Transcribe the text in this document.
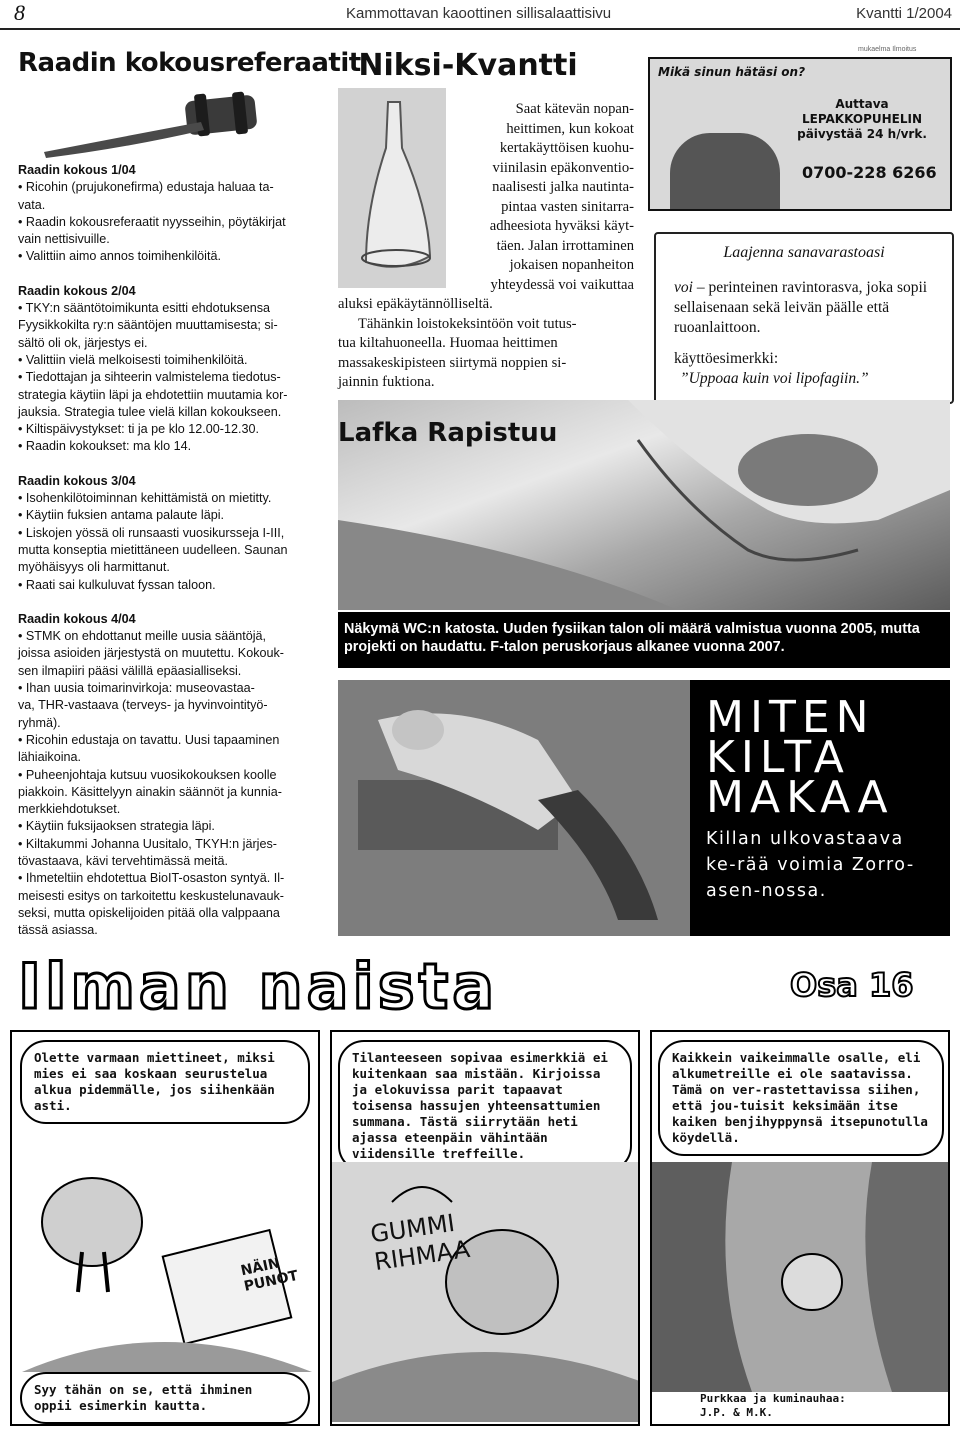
8	Kammottavan kaoottinen sillisalaattisivu	Kvantti 1/2004
Raadin kokousreferaatit

Raadin kokous 1/04

• Ricohin (prujukonefirma) edustaja haluaa ta-

vata.

• Raadin kokousreferaatit nyysseihin, pöytäkirjat

vain nettisivuille.

• Valittiin aimo annos toimihenkilöitä.

Raadin kokous 2/04

• TKY:n sääntötoimikunta esitti ehdotuksensa

Fyysikkokilta ry:n sääntöjen muuttamisesta; si-

sältö oli ok, järjestys ei.

• Valittiin vielä melkoisesti toimihenkilöitä.

• Tiedottajan ja sihteerin valmistelema tiedotus-

strategia käytiin läpi ja ehdotettiin muutamia kor-

jauksia. Strategia tulee vielä killan kokoukseen.

• Kiltispäivystykset: ti ja pe klo 12.00-12.30.

• Raadin kokoukset: ma klo 14.

Raadin kokous 3/04

• Isohenkilötoiminnan kehittämistä on mietitty.

• Käytiin fuksien antama palaute läpi.

• Liskojen yössä oli runsaasti vuosikursseja I-III,

mutta konseptia mietittäneen uudelleen. Saunan

myöhäisyys oli harmittanut.

• Raati sai kulkuluvat fyssan taloon.

Raadin kokous 4/04

• STMK on ehdottanut meille uusia sääntöjä,

joissa asioiden järjestystä on muutettu. Kokouk-

sen ilmapiiri pääsi välillä epäasialliseksi.

• Ihan uusia toimarinvirkoja: museovastaa-

va, THR-vastaava (terveys- ja hyvinvointityö-

ryhmä).

• Ricohin edustaja on tavattu. Uusi tapaaminen

lähiaikoina.

• Puheenjohtaja kutsuu vuosikokouksen koolle

piakkoin. Käsittelyyn ainakin säännöt ja kunnia-

merkkiehdotukset.

• Käytiin fuksijaoksen strategia läpi.

• Kiltakummi Johanna Uusitalo, TKYH:n järjes-

tövastaava, kävi tervehtimässä meitä.

• Ihmeteltiin ehdotettua BioIT-osaston syntyä. Il-

meisesti esitys on tarkoitettu keskustelunavauk-

seksi, mutta opiskelijoiden pitää olla valppaana

tässä asiassa.

Niksi-Kvantti

Saat kätevän nopan-

heittimen, kun kokoat

kertakäyttöisen kuohu-

viinilasin epäkonventio-

naalisesti jalka nautinta-

pintaa vasten sinitarra-

adheesiota hyväksi käyt-

täen. Jalan irrottaminen

jokaisen nopanheiton

yhteydessä voi vaikuttaa

aluksi epäkäytännölliseltä.

Tähänkin loistokeksintöön voit tutus-

tua kiltahuoneella. Huomaa heittimen

massakeskipisteen siirtymä noppien si-

jainnin fuktiona.

Mikä sinun hätäsi on?
Auttava
LEPAKKOPUHELIN
päivystää 24 h/vrk.
0700-228 6266
mukaelma Ilmoitus
Laajenna sanavarastoasi
voi – perinteinen ravintorasva, joka sopii sellaisenaan sekä leivän päälle että ruoanlaittoon.
käyttöesimerkki:
”Uppoaa kuin voi lipofagiin.”
Lafka Rapistuu
Näkymä WC:n katosta. Uuden fysiikan talon oli määrä valmistua vuonna 2005, mutta projekti on haudattu. F-talon peruskorjaus alkanee vuonna 2007.
MITEN
KILTA
MAKAA
Killan ulkovastaava ke-rää voimia Zorro-asen-nossa.
Ilman naista	Osa 16
Olette varmaan miettineet, miksi mies ei saa koskaan seurustelua alkua pidemmälle, jos siihenkään asti.
NÄIN PUNOT
Syy tähän on se, että ihminen oppii esimerkin kautta.
Tilanteeseen sopivaa esimerkkiä ei kuitenkaan saa mistään. Kirjoissa ja elokuvissa parit tapaavat toisensa hassujen yhteensattumien summana. Tästä siirrytään heti ajassa eteenpäin vähintään viidensille treffeille.
GUMMI RIHMAA
Kaikkein vaikeimmalle osalle, eli alkumetreille ei ole saatavissa. Tämä on ver-rastettavissa siihen, että jou-tuisit keksimään itse kaiken benjihyppynsä itsepunotulla köydellä.
Purkkaa ja kuminauhaa:
J.P. & M.K.
